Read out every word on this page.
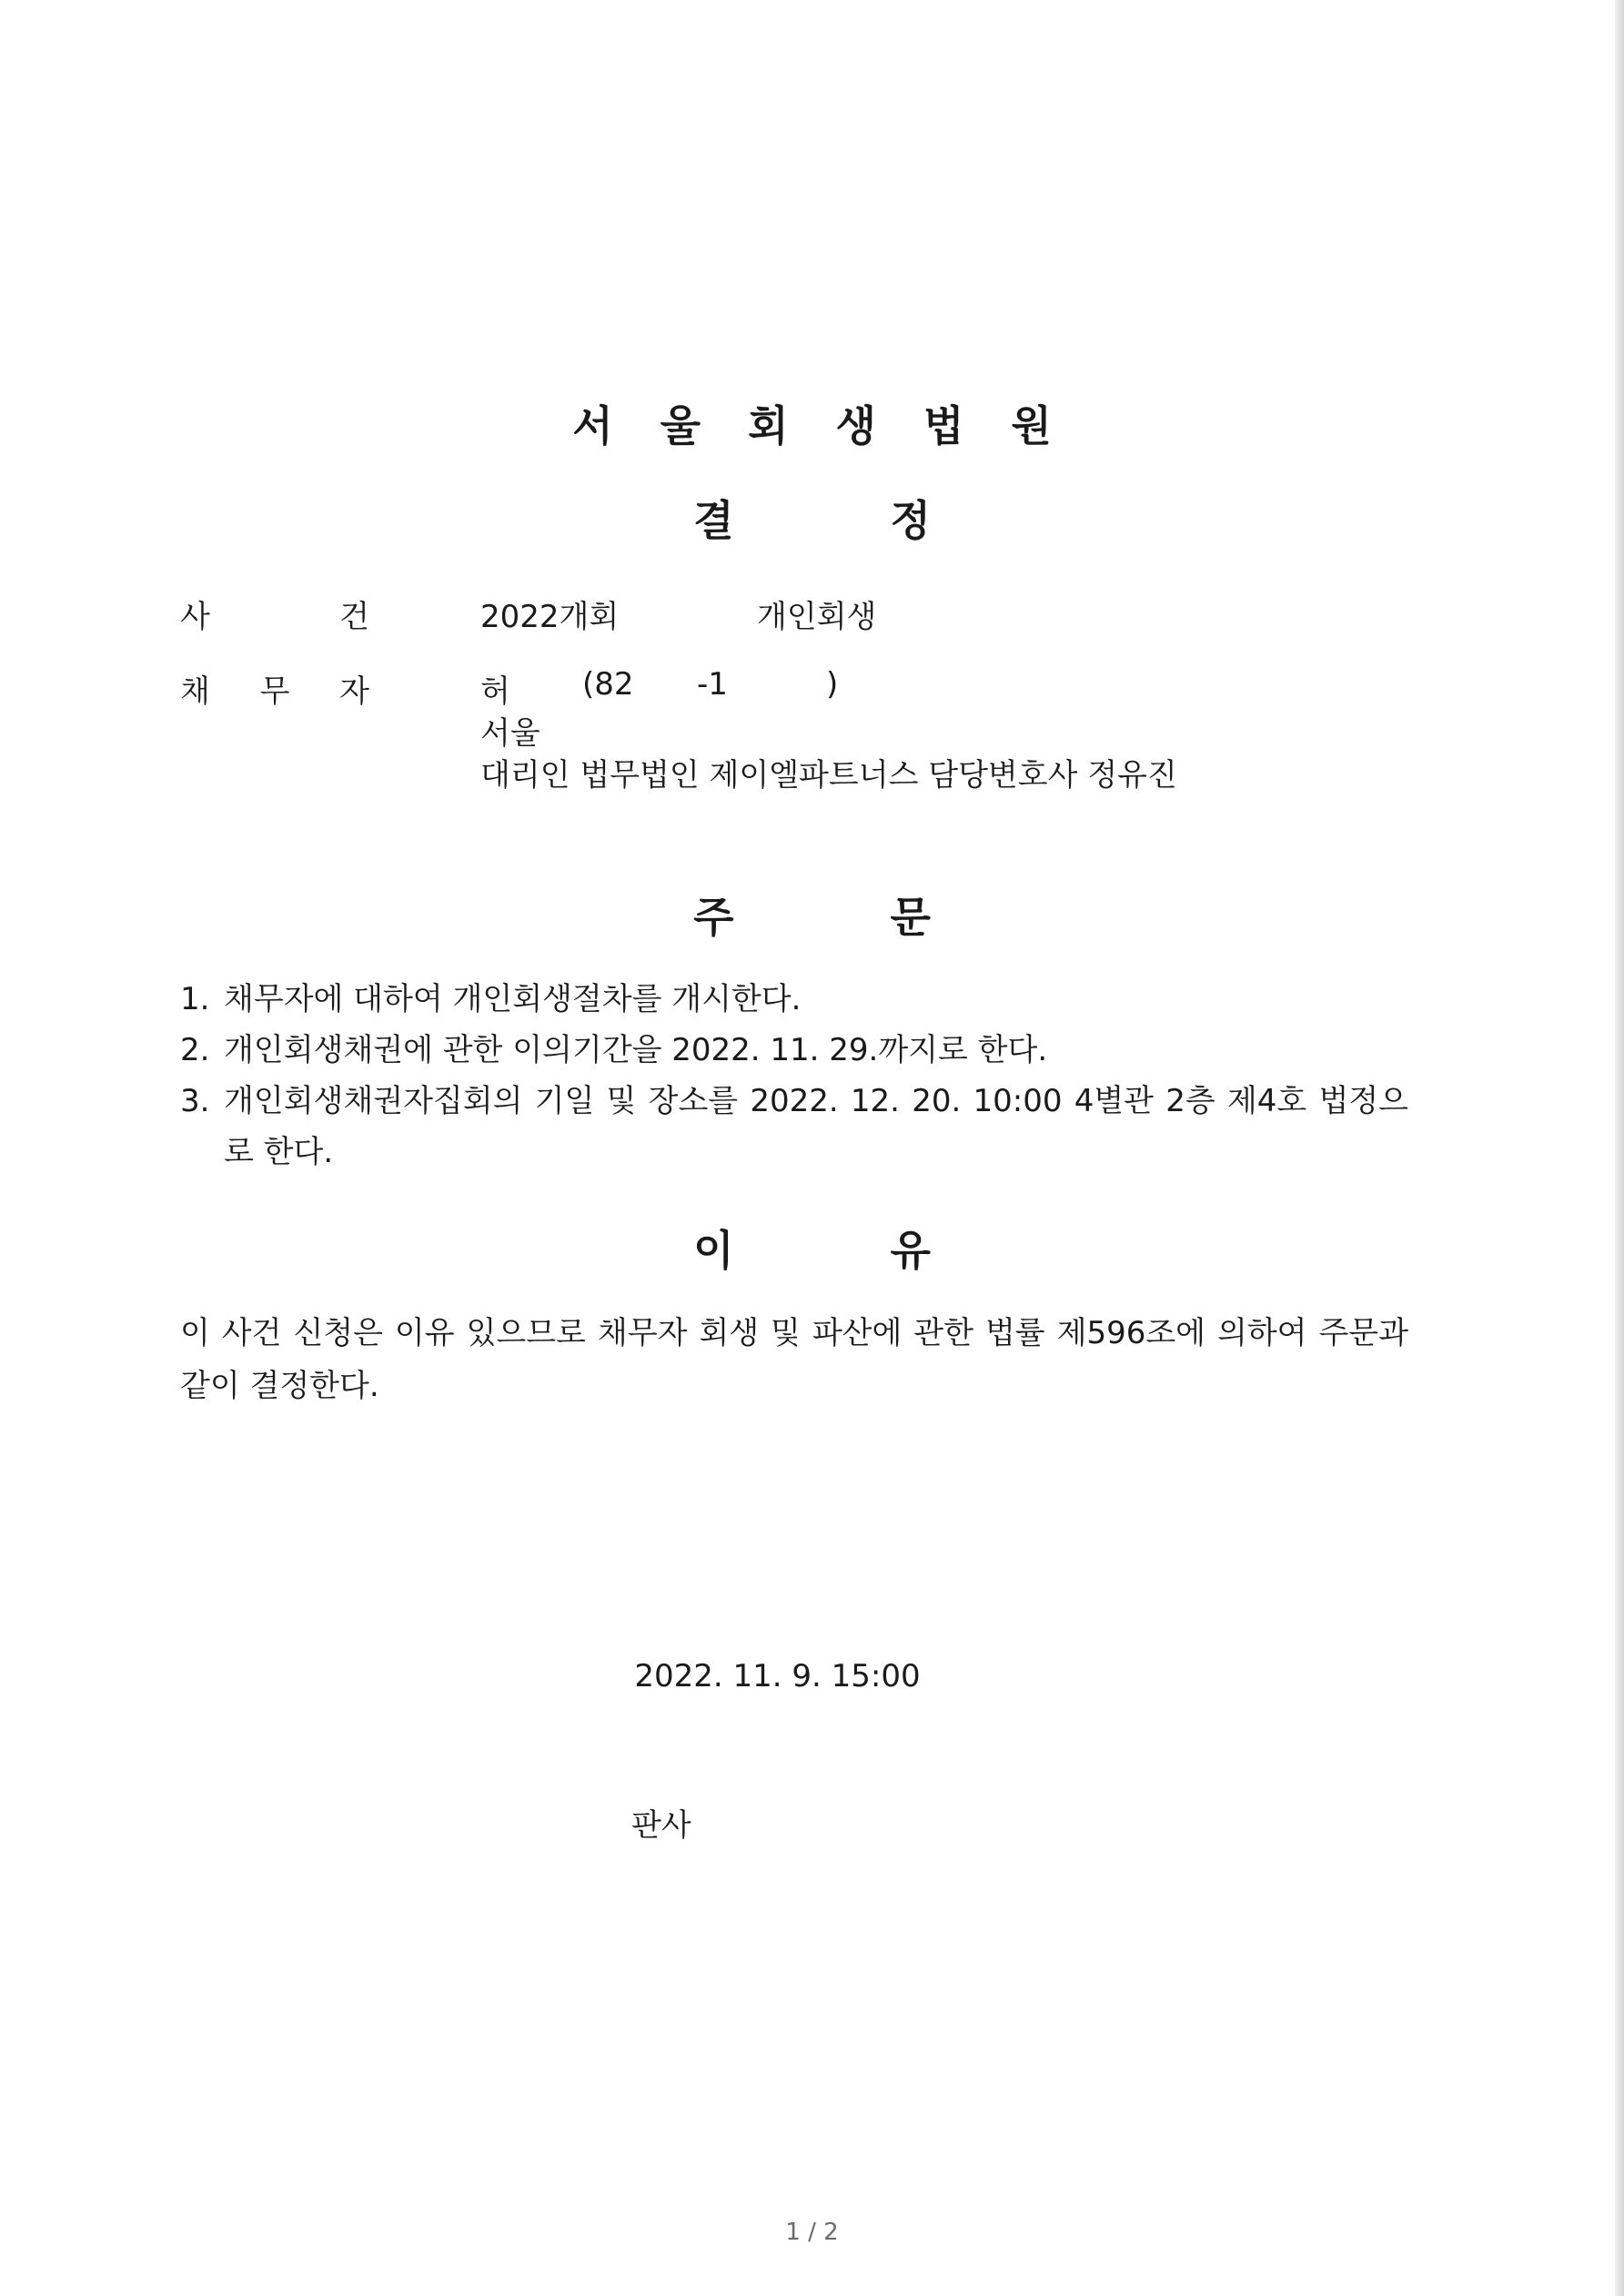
서 울 회 생 법 원
결	정
사	건	2022개회	개인회생
채 무 자	허 (82 -1	)
서울
대리인 법무법인 제이엘파트너스 담당변호사 정유진
주	문
1. 채무자에 대하여 개인회생절차를 개시한다.
2. 개인회생채권에 관한 이의기간을 2022. 11. 29.까지로 한다.
3. 개인회생채권자집회의 기일 및 장소를 2022. 12. 20. 10:00 4별관 2층 제4호 법정으로 한다.
이	유
이 사건 신청은 이유 있으므로 채무자 회생 및 파산에 관한 법률 제596조에 의하여 주문과 같이 결정한다.
2022. 11. 9. 15:00
판사
1 / 2
